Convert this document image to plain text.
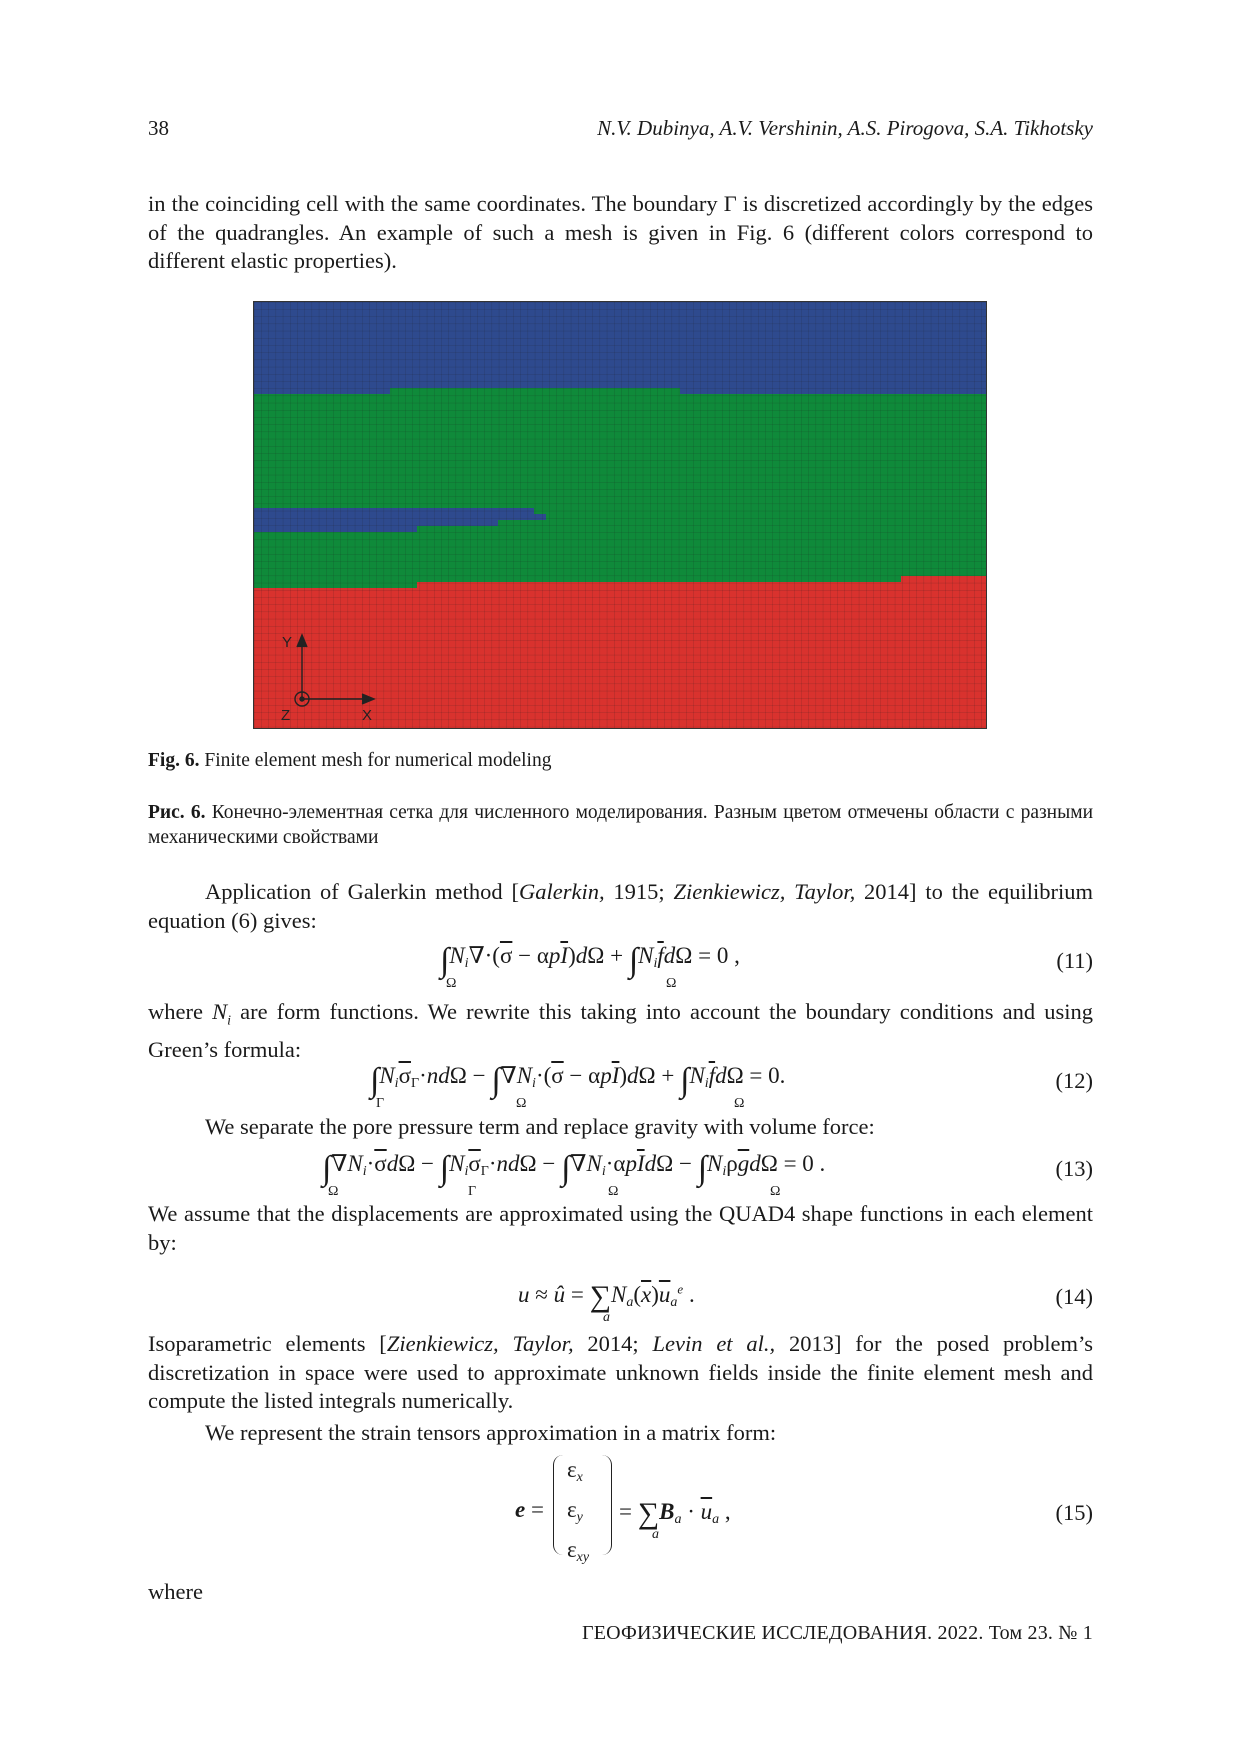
38	N.V. Dubinya, A.V. Vershinin, A.S. Pirogova, S.A. Tikhotsky
in the coinciding cell with the same coordinates. The boundary Γ is discretized accordingly by the edges of the quadrangles. An example of such a mesh is given in Fig. 6 (different colors correspond to different elastic properties).
Y
X
Z
Fig. 6. Finite element mesh for numerical modeling
Рис. 6. Конечно-элементная сетка для численного моделирования. Разным цветом отмечены области с разными механическими свойствами
Application of Galerkin method [Galerkin, 1915; Zienkiewicz, Taylor, 2014] to the equilibrium equation (6) gives:
$\int N_i\nabla\cdot(\overline{\sigma} - \alpha p\overline{I})d\Omega + \int N_i\overline{f}d\Omega = 0$ ,
Ω	Ω
(11)
where $N_i$ are form functions. We rewrite this taking into account the boundary conditions and using Green’s formula:
$\int N_i\overline{\sigma}_\Gamma\cdot nd\Omega - \int\nabla N_i\cdot(\overline{\sigma} - \alpha p\overline{I})d\Omega + \int N_i\overline{f}d\Omega = 0$.
Γ	Ω	Ω
(12)
We separate the pore pressure term and replace gravity with volume force:
$\int\nabla N_i\cdot\overline{\sigma}d\Omega - \int N_i\overline{\sigma}_\Gamma\cdot nd\Omega - \int\nabla N_i\cdot\alpha p\overline{I}d\Omega - \int N_i\rho\overline{g}d\Omega = 0$ .
Ω	Γ	Ω	Ω
(13)
We assume that the displacements are approximated using the QUAD4 shape functions in each element by:
u ≈ û = $\sum N_a(\overline{x})\overline{u}_a^e$ .
a
(14)
Isoparametric elements [Zienkiewicz, Taylor, 2014; Levin et al., 2013] for the posed problem’s discretization in space were used to approximate unknown fields inside the finite element mesh and compute the listed integrals numerically.
We represent the strain tensors approximation in a matrix form:
e =
$\varepsilon_x$
$\varepsilon_y$
$\varepsilon_{xy}$
= $\sum B_a \cdot \overline{u}_a$ ,
a
(15)
where
ГЕОФИЗИЧЕСКИЕ ИССЛЕДОВАНИЯ. 2022. Том 23. № 1
